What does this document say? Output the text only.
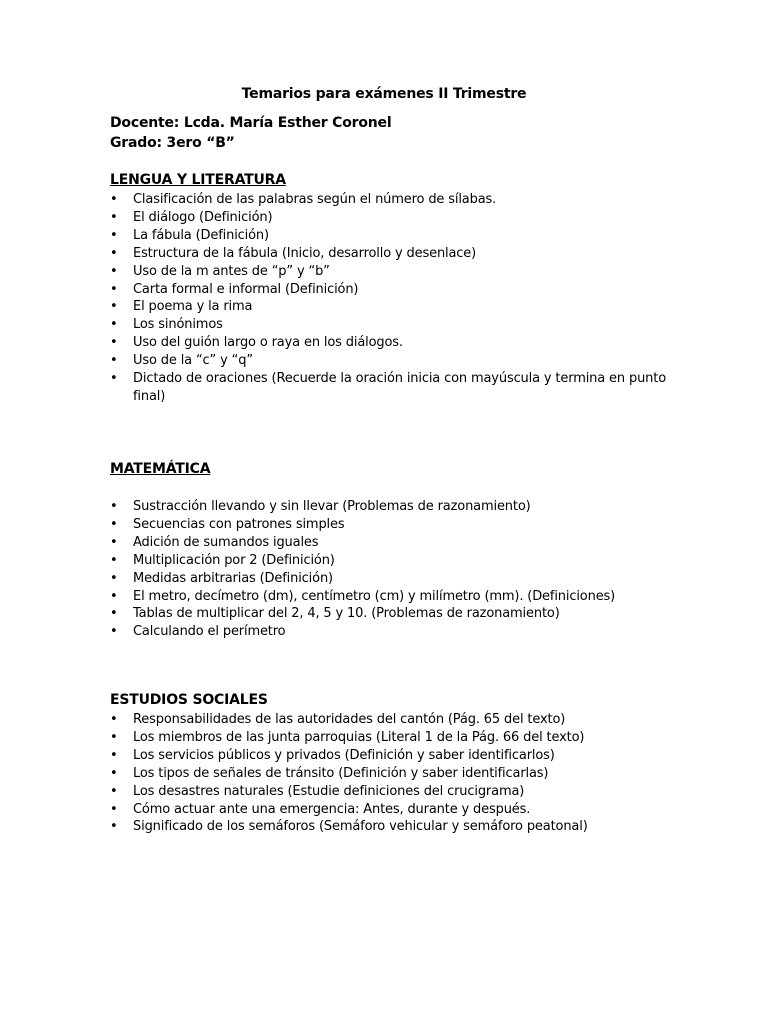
Temarios para exámenes II Trimestre
Docente: Lcda. María Esther Coronel
Grado: 3ero “B”
LENGUA Y LITERATURA
• Clasificación de las palabras según el número de sílabas.
• El diálogo (Definición)
• La fábula (Definición)
• Estructura de la fábula (Inicio, desarrollo y desenlace)
• Uso de la m antes de “p” y “b”
• Carta formal e informal (Definición)
• El poema y la rima
• Los sinónimos
• Uso del guión largo o raya en los diálogos.
• Uso de la “c” y “q”
• Dictado de oraciones (Recuerde la oración inicia con mayúscula y termina en punto final)
MATEMÁTICA
• Sustracción llevando y sin llevar (Problemas de razonamiento)
• Secuencias con patrones simples
• Adición de sumandos iguales
• Multiplicación por 2 (Definición)
• Medidas arbitrarias (Definición)
• El metro, decímetro (dm), centímetro (cm) y milímetro (mm). (Definiciones)
• Tablas de multiplicar del 2, 4, 5 y 10. (Problemas de razonamiento)
• Calculando el perímetro
ESTUDIOS SOCIALES
• Responsabilidades de las autoridades del cantón (Pág. 65 del texto)
• Los miembros de las junta parroquias (Literal 1 de la Pág. 66 del texto)
• Los servicios públicos y privados (Definición y saber identificarlos)
• Los tipos de señales de tránsito (Definición y saber identificarlas)
• Los desastres naturales (Estudie definiciones del crucigrama)
• Cómo actuar ante una emergencia: Antes, durante y después.
• Significado de los semáforos (Semáforo vehicular y semáforo peatonal)
